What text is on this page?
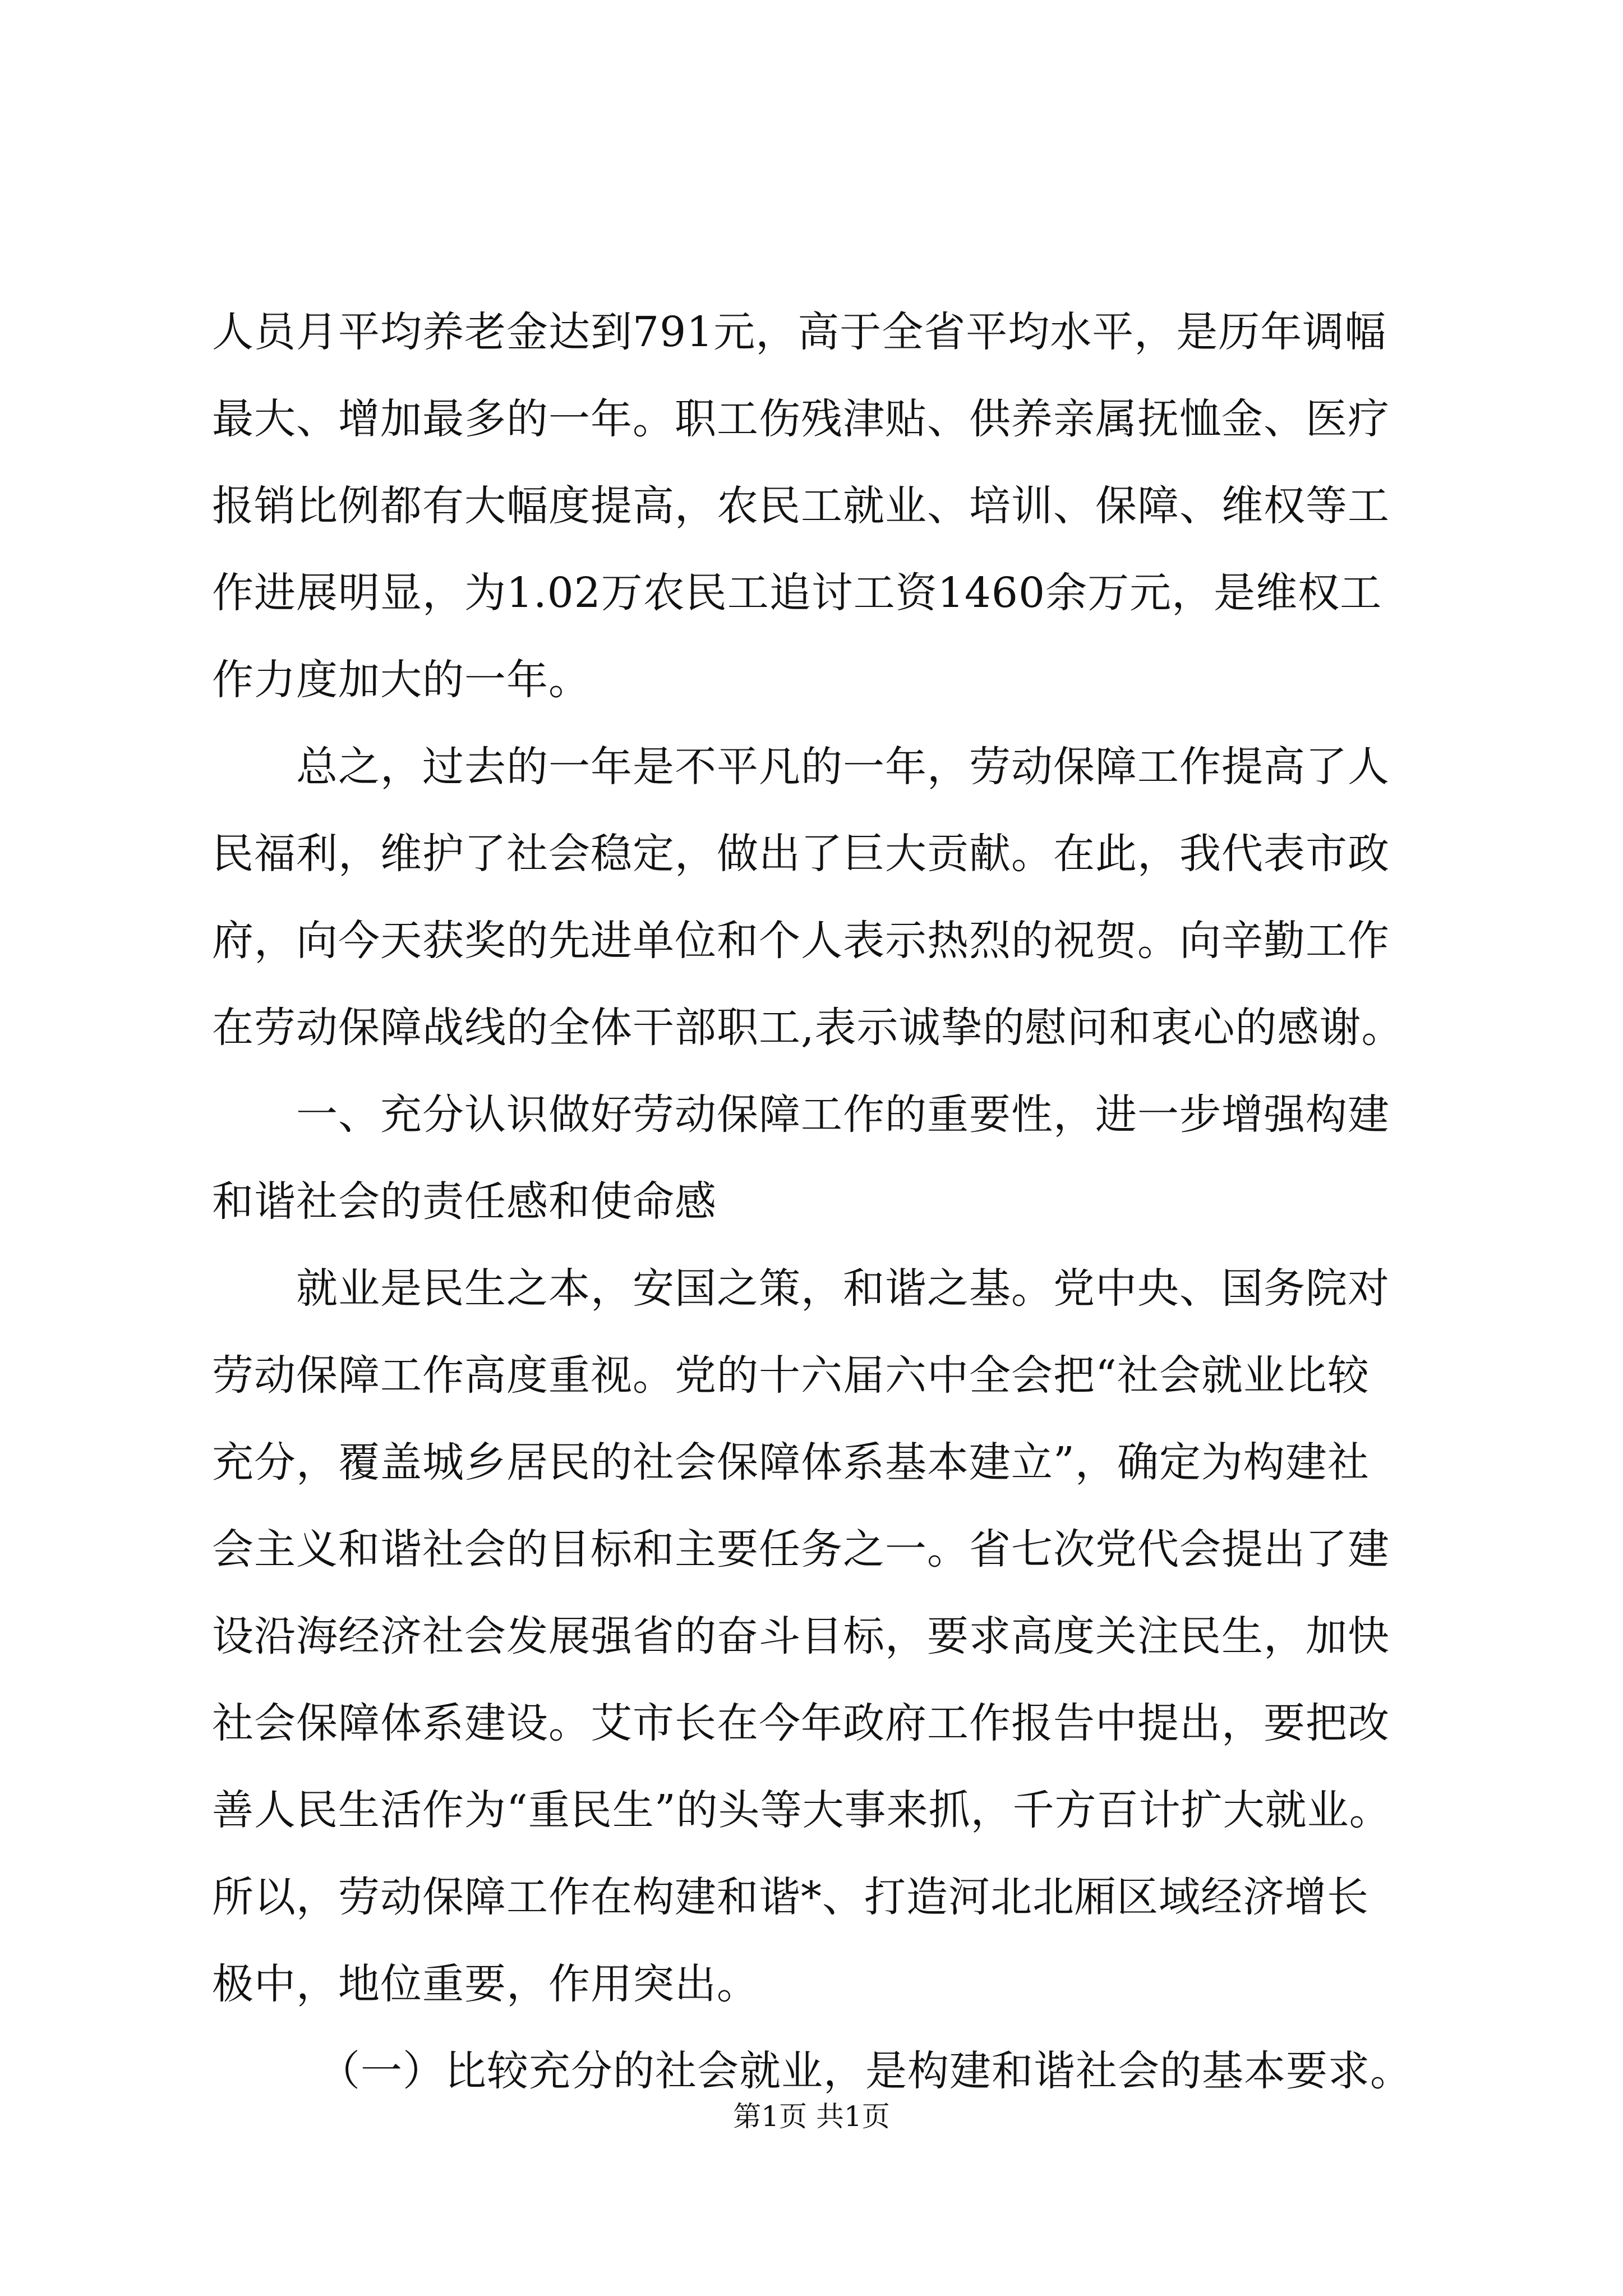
人员月平均养老金达到791元，高于全省平均水平，是历年调幅
最大、增加最多的一年。职工伤残津贴、供养亲属抚恤金、医疗
报销比例都有大幅度提高，农民工就业、培训、保障、维权等工
作进展明显，为1.02万农民工追讨工资1460余万元，是维权工
作力度加大的一年。
总之，过去的一年是不平凡的一年，劳动保障工作提高了人
民福利，维护了社会稳定，做出了巨大贡献。在此，我代表市政
府，向今天获奖的先进单位和个人表示热烈的祝贺。向辛勤工作
在劳动保障战线的全体干部职工,表示诚挚的慰问和衷心的感谢。
一、充分认识做好劳动保障工作的重要性，进一步增强构建
和谐社会的责任感和使命感
就业是民生之本，安国之策，和谐之基。党中央、国务院对
劳动保障工作高度重视。党的十六届六中全会把“社会就业比较
充分，覆盖城乡居民的社会保障体系基本建立”，确定为构建社
会主义和谐社会的目标和主要任务之一。省七次党代会提出了建
设沿海经济社会发展强省的奋斗目标，要求高度关注民生，加快
社会保障体系建设。艾市长在今年政府工作报告中提出，要把改
善人民生活作为“重民生”的头等大事来抓，千方百计扩大就业。
所以，劳动保障工作在构建和谐*、打造河北北厢区域经济增长
极中，地位重要，作用突出。
（一）比较充分的社会就业，是构建和谐社会的基本要求。
第1页 共1页
